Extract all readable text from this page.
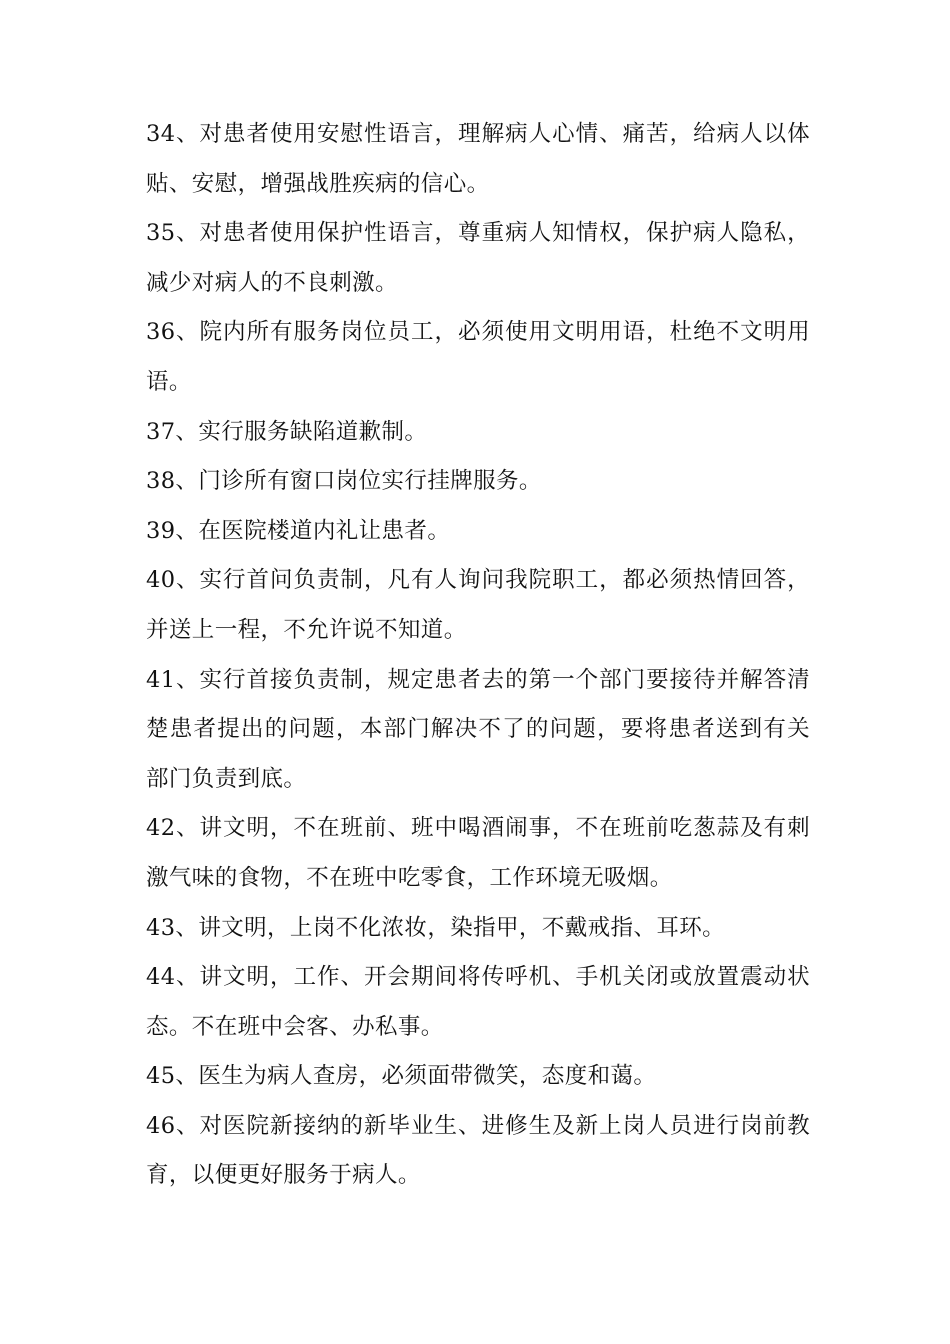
34、对患者使用安慰性语言，理解病人心情、痛苦，给病人以体贴、安慰，增强战胜疾病的信心。

35、对患者使用保护性语言，尊重病人知情权，保护病人隐私，减少对病人的不良刺激。

36、院内所有服务岗位员工，必须使用文明用语，杜绝不文明用语。

37、实行服务缺陷道歉制。

38、门诊所有窗口岗位实行挂牌服务。

39、在医院楼道内礼让患者。

40、实行首问负责制，凡有人询问我院职工，都必须热情回答，并送上一程，不允许说不知道。

41、实行首接负责制，规定患者去的第一个部门要接待并解答清楚患者提出的问题，本部门解决不了的问题，要将患者送到有关部门负责到底。

42、讲文明，不在班前、班中喝酒闹事，不在班前吃葱蒜及有刺激气味的食物，不在班中吃零食，工作环境无吸烟。

43、讲文明，上岗不化浓妆，染指甲，不戴戒指、耳环。

44、讲文明，工作、开会期间将传呼机、手机关闭或放置震动状态。不在班中会客、办私事。

45、医生为病人查房，必须面带微笑，态度和蔼。

46、对医院新接纳的新毕业生、进修生及新上岗人员进行岗前教育，以便更好服务于病人。
